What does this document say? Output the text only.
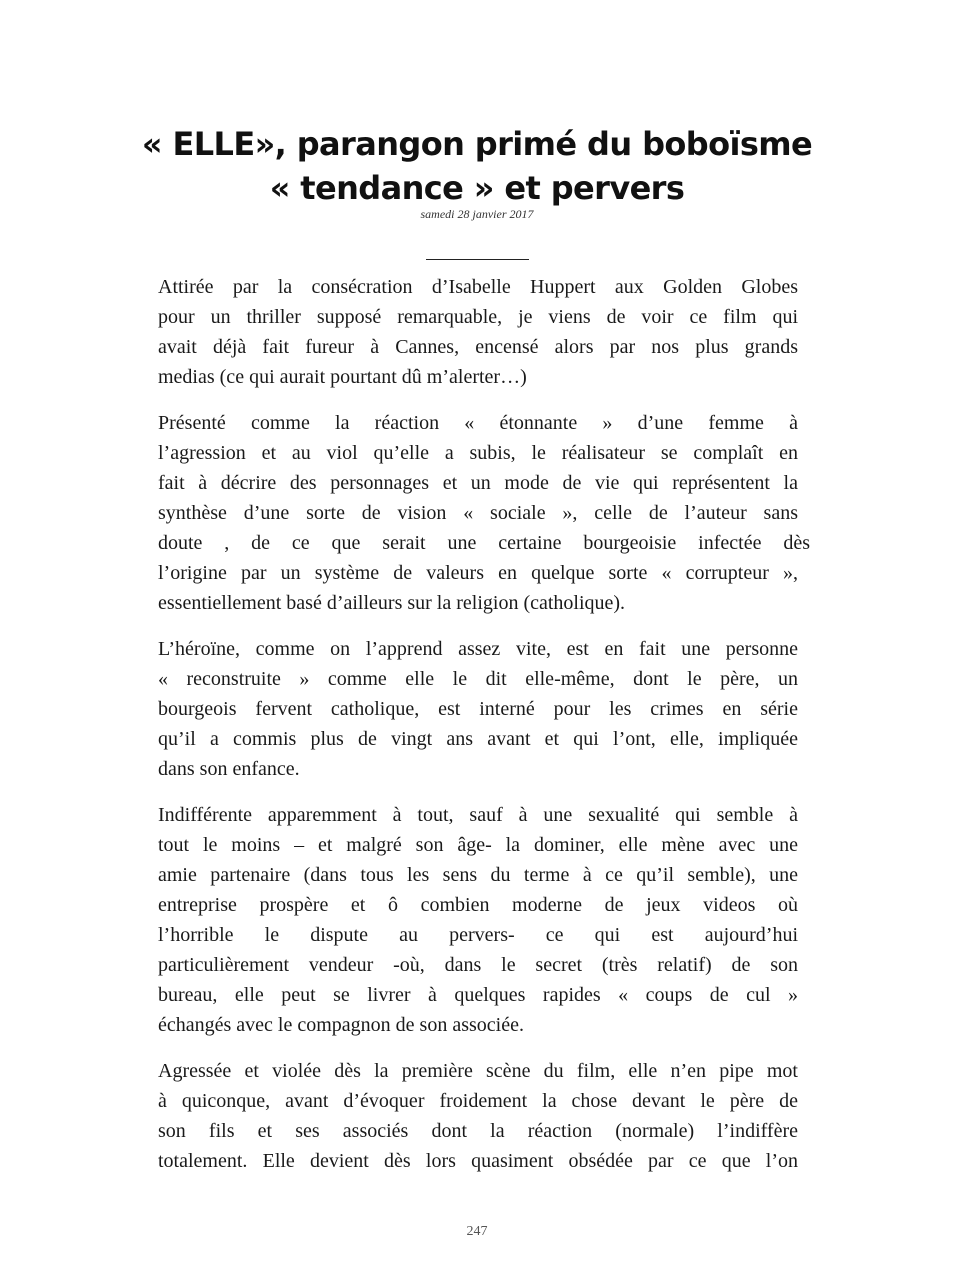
« ELLE», parangon primé du boboïsme
« tendance » et pervers
samedi 28 janvier 2017

Attirée par la consécration d’Isabelle Huppert aux Golden Globes
pour un thriller supposé remarquable, je viens de voir ce film qui
avait déjà fait fureur à Cannes, encensé alors par nos plus grands
medias (ce qui aurait pourtant dû m’alerter…)

Présenté comme la réaction « étonnante » d’une femme à
l’agression et au viol qu’elle a subis, le réalisateur se complaît en
fait à décrire des personnages et un mode de vie qui représentent la
synthèse d’une sorte de vision « sociale », celle de l’auteur sans
doute , de ce que serait une certaine bourgeoisie infectée dès
l’origine par un système de valeurs en quelque sorte « corrupteur »,
essentiellement basé d’ailleurs sur la religion (catholique).

L’héroïne, comme on l’apprend assez vite, est en fait une personne
« reconstruite » comme elle le dit elle-même, dont le père, un
bourgeois fervent catholique, est interné pour les crimes en série
qu’il a commis plus de vingt ans avant et qui l’ont, elle, impliquée
dans son enfance.

Indifférente apparemment à tout, sauf à une sexualité qui semble à
tout le moins – et malgré son âge- la dominer, elle mène avec une
amie partenaire (dans tous les sens du terme à ce qu’il semble), une
entreprise prospère et ô combien moderne de jeux videos où
l’horrible le dispute au pervers- ce qui est aujourd’hui
particulièrement vendeur -où, dans le secret (très relatif) de son
bureau, elle peut se livrer à quelques rapides « coups de cul »
échangés avec le compagnon de son associée.

Agressée et violée dès la première scène du film, elle n’en pipe mot
à quiconque, avant d’évoquer froidement la chose devant le père de
son fils et ses associés dont la réaction (normale) l’indiffère
totalement. Elle devient dès lors quasiment obsédée par ce que l’on

247
